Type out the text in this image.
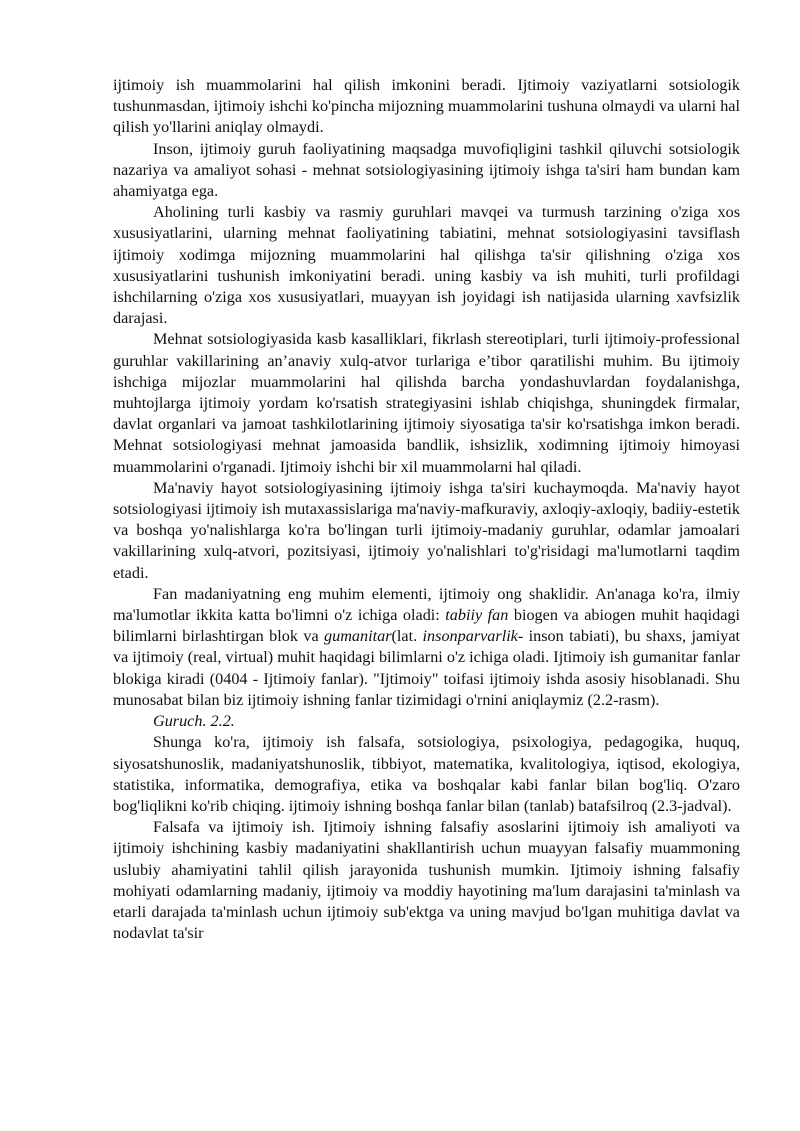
ijtimoiy ish muammolarini hal qilish imkonini beradi. Ijtimoiy vaziyatlarni sotsiologik tushunmasdan, ijtimoiy ishchi ko'pincha mijozning muammolarini tushuna olmaydi va ularni hal qilish yo'llarini aniqlay olmaydi.

Inson, ijtimoiy guruh faoliyatining maqsadga muvofiqligini tashkil qiluvchi sotsiologik nazariya va amaliyot sohasi - mehnat sotsiologiyasining ijtimoiy ishga ta'siri ham bundan kam ahamiyatga ega.

Aholining turli kasbiy va rasmiy guruhlari mavqei va turmush tarzining o'ziga xos xususiyatlarini, ularning mehnat faoliyatining tabiatini, mehnat sotsiologiyasini tavsiflash ijtimoiy xodimga mijozning muammolarini hal qilishga ta'sir qilishning o'ziga xos xususiyatlarini tushunish imkoniyatini beradi. uning kasbiy va ish muhiti, turli profildagi ishchilarning o'ziga xos xususiyatlari, muayyan ish joyidagi ish natijasida ularning xavfsizlik darajasi.

Mehnat sotsiologiyasida kasb kasalliklari, fikrlash stereotiplari, turli ijtimoiy-professional guruhlar vakillarining an’anaviy xulq-atvor turlariga e’tibor qaratilishi muhim. Bu ijtimoiy ishchiga mijozlar muammolarini hal qilishda barcha yondashuvlardan foydalanishga, muhtojlarga ijtimoiy yordam ko'rsatish strategiyasini ishlab chiqishga, shuningdek firmalar, davlat organlari va jamoat tashkilotlarining ijtimoiy siyosatiga ta'sir ko'rsatishga imkon beradi. Mehnat sotsiologiyasi mehnat jamoasida bandlik, ishsizlik, xodimning ijtimoiy himoyasi muammolarini o'rganadi. Ijtimoiy ishchi bir xil muammolarni hal qiladi.

Ma'naviy hayot sotsiologiyasining ijtimoiy ishga ta'siri kuchaymoqda. Ma'naviy hayot sotsiologiyasi ijtimoiy ish mutaxassislariga ma'naviy-mafkuraviy, axloqiy-axloqiy, badiiy-estetik va boshqa yo'nalishlarga ko'ra bo'lingan turli ijtimoiy-madaniy guruhlar, odamlar jamoalari vakillarining xulq-atvori, pozitsiyasi, ijtimoiy yo'nalishlari to'g'risidagi ma'lumotlarni taqdim etadi.

Fan madaniyatning eng muhim elementi, ijtimoiy ong shaklidir. An'anaga ko'ra, ilmiy ma'lumotlar ikkita katta bo'limni o'z ichiga oladi: tabiiy fan biogen va abiogen muhit haqidagi bilimlarni birlashtirgan blok va gumanitar(lat. insonparvarlik- inson tabiati), bu shaxs, jamiyat va ijtimoiy (real, virtual) muhit haqidagi bilimlarni o'z ichiga oladi. Ijtimoiy ish gumanitar fanlar blokiga kiradi (0404 - Ijtimoiy fanlar). "Ijtimoiy" toifasi ijtimoiy ishda asosiy hisoblanadi. Shu munosabat bilan biz ijtimoiy ishning fanlar tizimidagi o'rnini aniqlaymiz (2.2-rasm).

Guruch. 2.2.

Shunga ko'ra, ijtimoiy ish falsafa, sotsiologiya, psixologiya, pedagogika, huquq, siyosatshunoslik, madaniyatshunoslik, tibbiyot, matematika, kvalitologiya, iqtisod, ekologiya, statistika, informatika, demografiya, etika va boshqalar kabi fanlar bilan bog'liq. O'zaro bog'liqlikni ko'rib chiqing. ijtimoiy ishning boshqa fanlar bilan (tanlab) batafsilroq (2.3-jadval).

Falsafa va ijtimoiy ish. Ijtimoiy ishning falsafiy asoslarini ijtimoiy ish amaliyoti va ijtimoiy ishchining kasbiy madaniyatini shakllantirish uchun muayyan falsafiy muammoning uslubiy ahamiyatini tahlil qilish jarayonida tushunish mumkin. Ijtimoiy ishning falsafiy mohiyati odamlarning madaniy, ijtimoiy va moddiy hayotining ma'lum darajasini ta'minlash va etarli darajada ta'minlash uchun ijtimoiy sub'ektga va uning mavjud bo'lgan muhitiga davlat va nodavlat ta'sir
